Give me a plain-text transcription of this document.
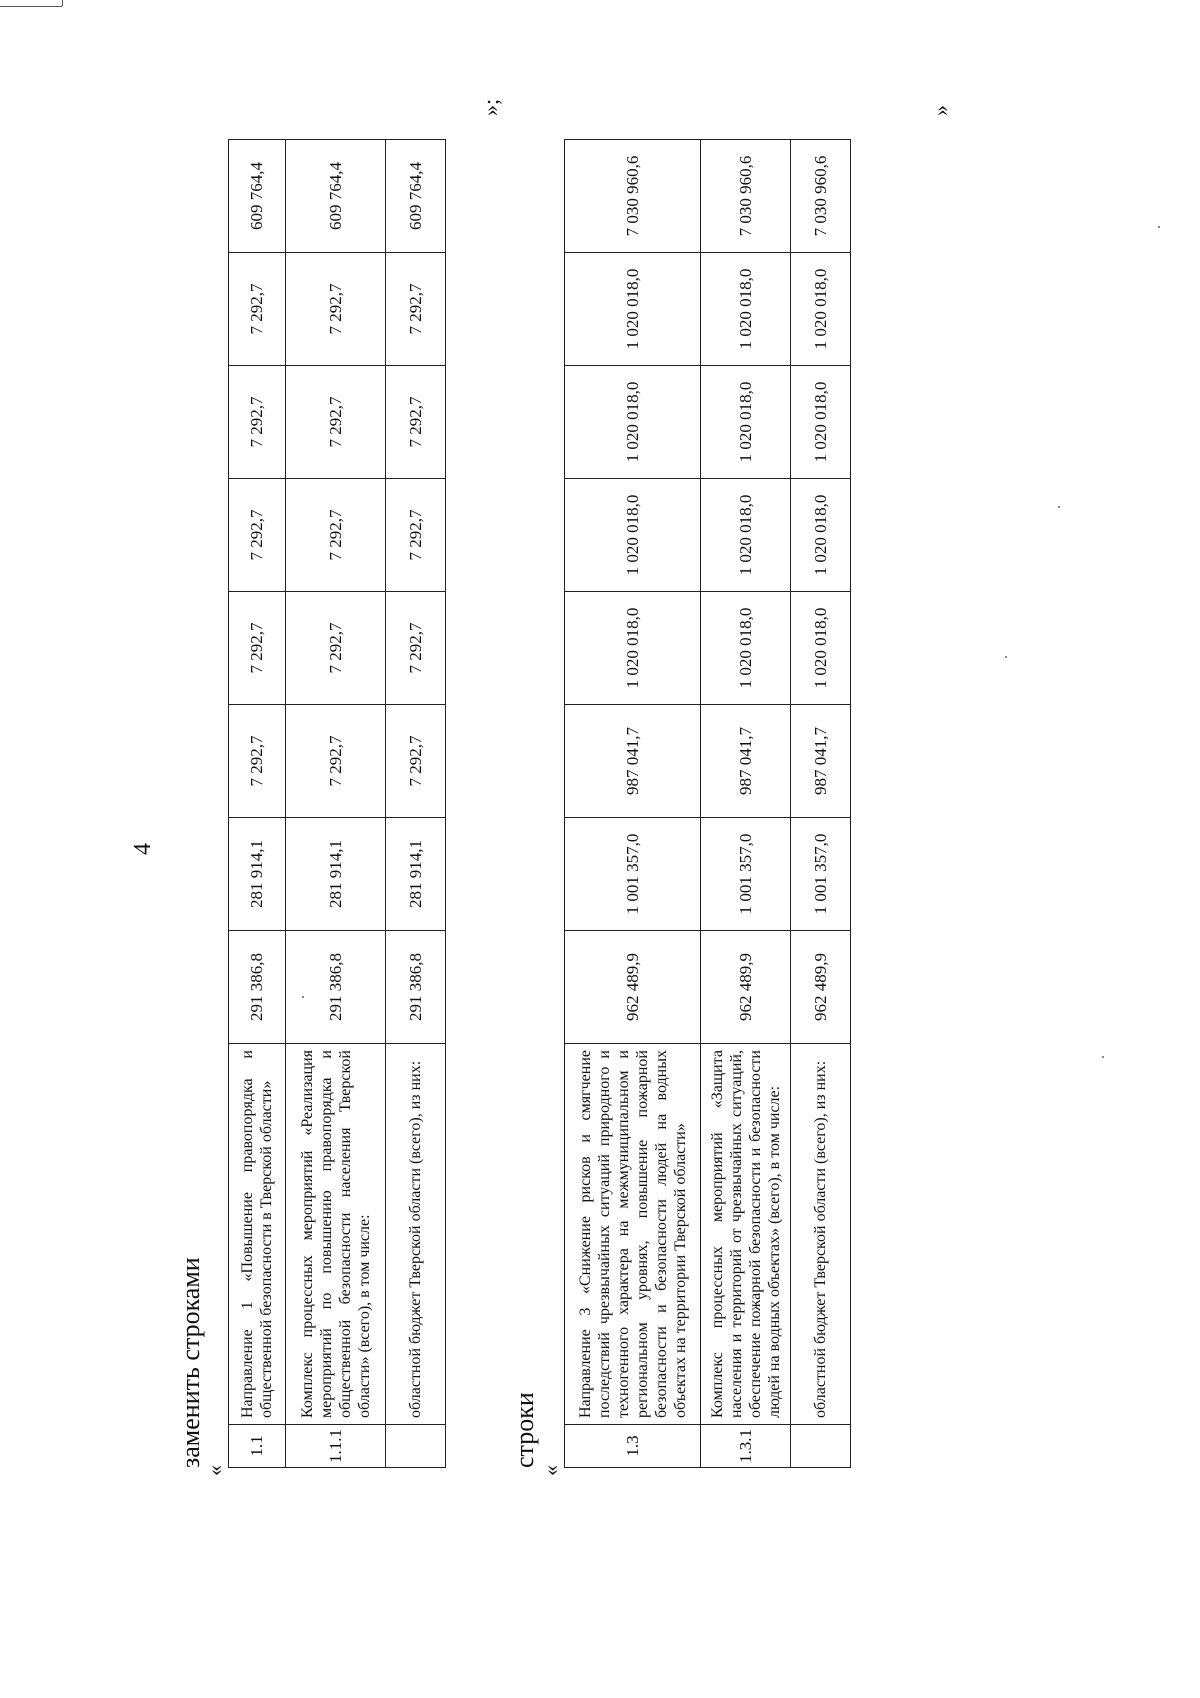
4
заменить строками
«
1.1	Направление 1 «Повышение правопорядка и общественной безопасности в Тверской области»	291 386,8	281 914,1	7 292,7	7 292,7	7 292,7	7 292,7	7 292,7	609 764,4
1.1.1	Комплекс процессных мероприятий «Реализация мероприятий по повышению правопорядка и общественной безопасности населения Тверской области» (всего), в том числе:	291 386,8	281 914,1	7 292,7	7 292,7	7 292,7	7 292,7	7 292,7	609 764,4
	областной бюджет Тверской области (всего), из них:	291 386,8	281 914,1	7 292,7	7 292,7	7 292,7	7 292,7	7 292,7	609 764,4
»;
строки
«
1.3	Направление 3 «Снижение рисков и смягчение последствий чрезвычайных ситуаций природного и техногенного характера на межмуниципальном и региональном уровнях, повышение пожарной безопасности и безопасности людей на водных объектах на территории Тверской области»	962 489,9	1 001 357,0	987 041,7	1 020 018,0	1 020 018,0	1 020 018,0	1 020 018,0	7 030 960,6
1.3.1	Комплекс процессных мероприятий «Защита населения и территорий от чрезвычайных ситуаций, обеспечение пожарной безопасности и безопасности людей на водных объектах» (всего), в том числе:	962 489,9	1 001 357,0	987 041,7	1 020 018,0	1 020 018,0	1 020 018,0	1 020 018,0	7 030 960,6
	областной бюджет Тверской области (всего), из них:	962 489,9	1 001 357,0	987 041,7	1 020 018,0	1 020 018,0	1 020 018,0	1 020 018,0	7 030 960,6
»
